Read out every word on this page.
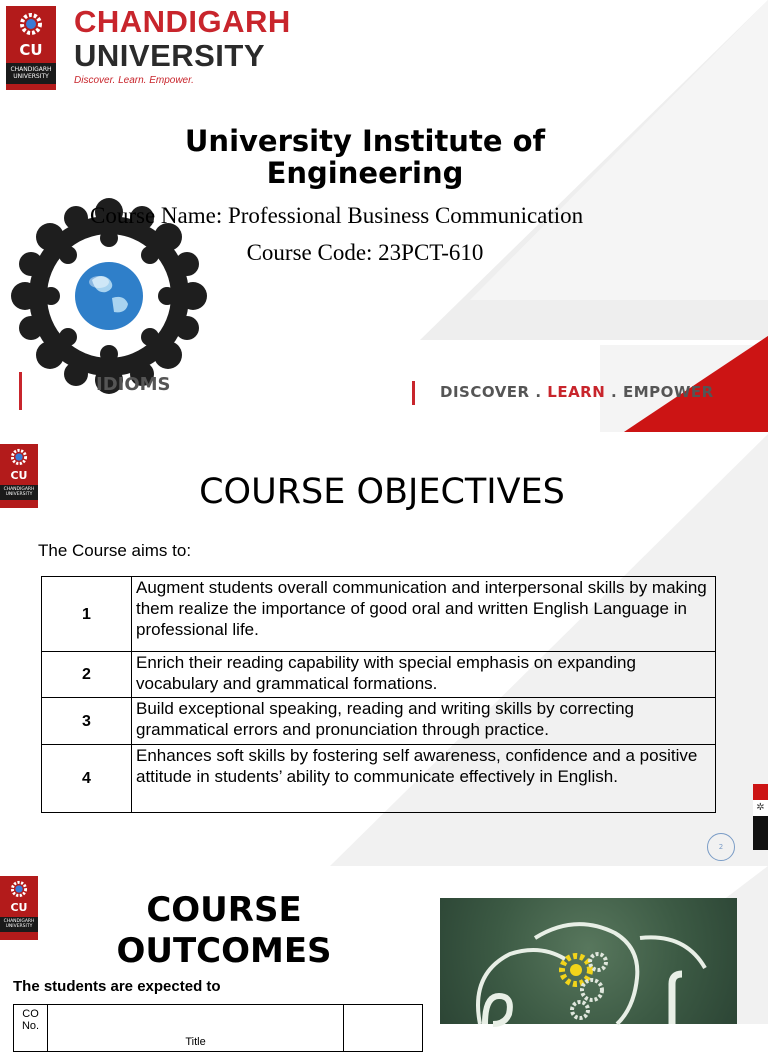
CU
CHANDIGARH
UNIVERSITY
CHANDIGARH
UNIVERSITY
Discover. Learn. Empower.
University Institute of Engineering
Course Name: Professional Business Communication
Course Code: 23PCT-610
IDIOMS	DISCOVER . LEARN . EMPOWER
CU
CHANDIGARH
UNIVERSITY	COURSE OBJECTIVES
The Course aims to:
1	Augment students overall communication and interpersonal skills by making them realize the importance of good oral and written English Language in professional life.
2	Enrich their reading capability with special emphasis on expanding vocabulary and grammatical formations.
3	Build exceptional speaking, reading and writing skills by correcting grammatical errors and pronunciation through practice.
4	Enhances soft skills by fostering self awareness, confidence and a positive attitude in students’ ability to communicate effectively in English.
2
✲
CU
CHANDIGARH
UNIVERSITY	COURSE OUTCOMES
The students are expected to
CO No.	Title	
